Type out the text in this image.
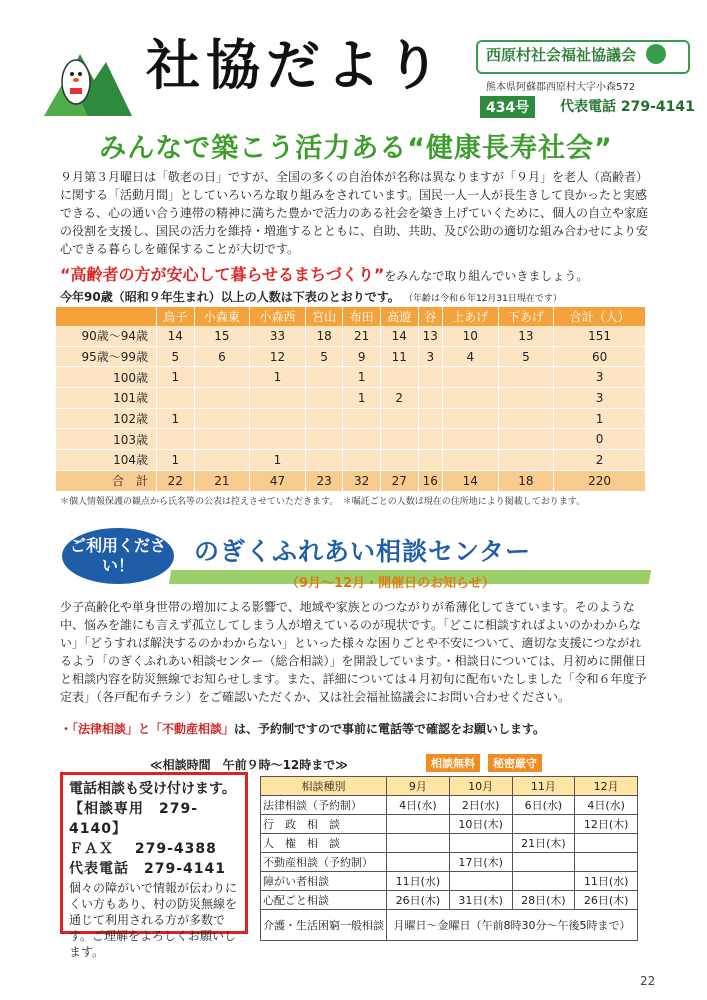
社協だより	西原村社会福祉協議会
熊本県阿蘇郡西原村大字小森572
434号	代表電話 279-4141
みんなで築こう活力ある“健康長寿社会”
９月第３月曜日は「敬老の日」ですが、全国の多くの自治体が名称は異なりますが「９月」を老人（高齢者）に関する「活動月間」としていろいろな取り組みをされています。国民一人一人が長生きして良かったと実感できる、心の通い合う連帯の精神に満ちた豊かで活力のある社会を築き上げていくために、個人の自立や家庭の役割を支援し、国民の活力を維持・増進するとともに、自助、共助、及び公助の適切な組み合わせにより安心できる暮らしを確保することが大切です。
“高齢者の方が安心して暮らせるまちづくり”をみんなで取り組んでいきましょう。
今年90歳（昭和９年生まれ）以上の人数は下表のとおりです。 （年齢は令和６年12月31日現在です）
	鳥子	小森東	小森西	宮山	布田	高遊	谷	上あげ	下あげ	合計（人）
90歳～94歳	14	15	33	18	21	14	13	10	13	151
95歳～99歳	5	6	12	5	9	11	3	4	5	60
100歳	1		1		1					3
101歳					1	2				3
102歳	1									1
103歳										0
104歳	1		1							2
合　計	22	21	47	23	32	27	16	14	18	220
＊個人情報保護の観点から氏名等の公表は控えさせていただきます。　＊嘱託ごとの人数は現在の住所地により掲載しております。
ご利用ください！	のぎくふれあい相談センター
（9月～12月・開催日のお知らせ）
少子高齢化や単身世帯の増加による影響で、地域や家族とのつながりが希薄化してきています。そのような中、悩みを誰にも言えず孤立してしまう人が増えているのが現状です。「どこに相談すればよいのかわからない」「どうすれば解決するのかわからない」といった様々な困りごとや不安について、適切な支援につながれるよう「のぎくふれあい相談センター（総合相談）」を開設しています。・相談日については、月初めに開催日と相談内容を防災無線でお知らせします。また、詳細については４月初旬に配布いたしました「令和６年度予定表」（各戸配布チラシ）をご確認いただくか、又は社会福祉協議会にお問い合わせください。
・「法律相談」と「不動産相談」は、予約制ですので事前に電話等で確認をお願いします。
≪相談時間　午前９時～12時まで≫	相談無料	秘密厳守
電話相談も受け付けます。
【相談専用　279-4140】
ＦＡＸ　 279-4388
代表電話　279-4141
個々の障がいで情報が伝わりにくい方もあり、村の防災無線を通じて利用される方が多数です。ご理解をよろしくお願いします。
相談種別	9月	10月	11月	12月
法律相談（予約制）	4日(水)	2日(水)	6日(水)	4日(水)
行　政　相　談		10日(木)		12日(木)
人　権　相　談			21日(木)	
不動産相談（予約制）		17日(木)		
障がい者相談	11日(水)			11日(水)
心配ごと相談	26日(木)	31日(木)	28日(木)	26日(木)
介護・生活困窮一般相談	月曜日～金曜日（午前8時30分～午後5時まで）			
22
